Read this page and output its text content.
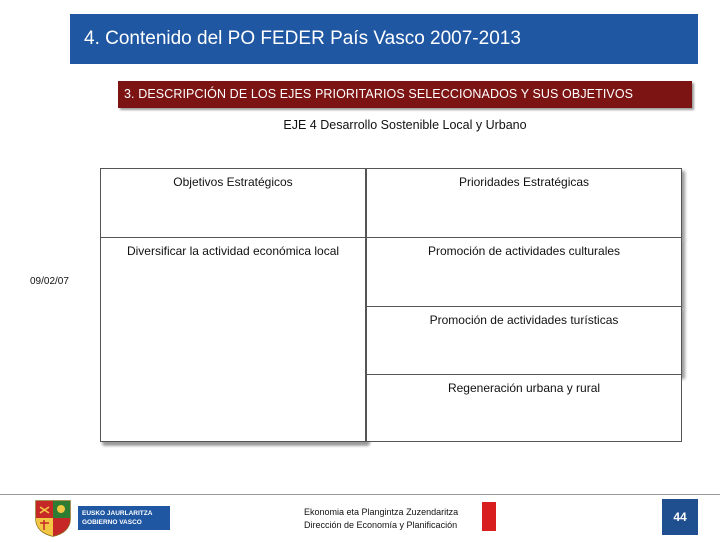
4. Contenido del PO FEDER País Vasco 2007-2013
3. DESCRIPCIÓN DE LOS EJES PRIORITARIOS SELECCIONADOS Y SUS OBJETIVOS
EJE 4 Desarrollo Sostenible Local y Urbano
09/02/07
Objetivos Estratégicos
Diversificar la actividad económica local
Prioridades Estratégicas
Promoción de actividades culturales
Promoción de actividades turísticas
Regeneración urbana y rural
EUSKO JAURLARITZA
GOBIERNO VASCO
Ekonomia eta Plangintza Zuzendaritza
Dirección de Economía y Planificación
44
